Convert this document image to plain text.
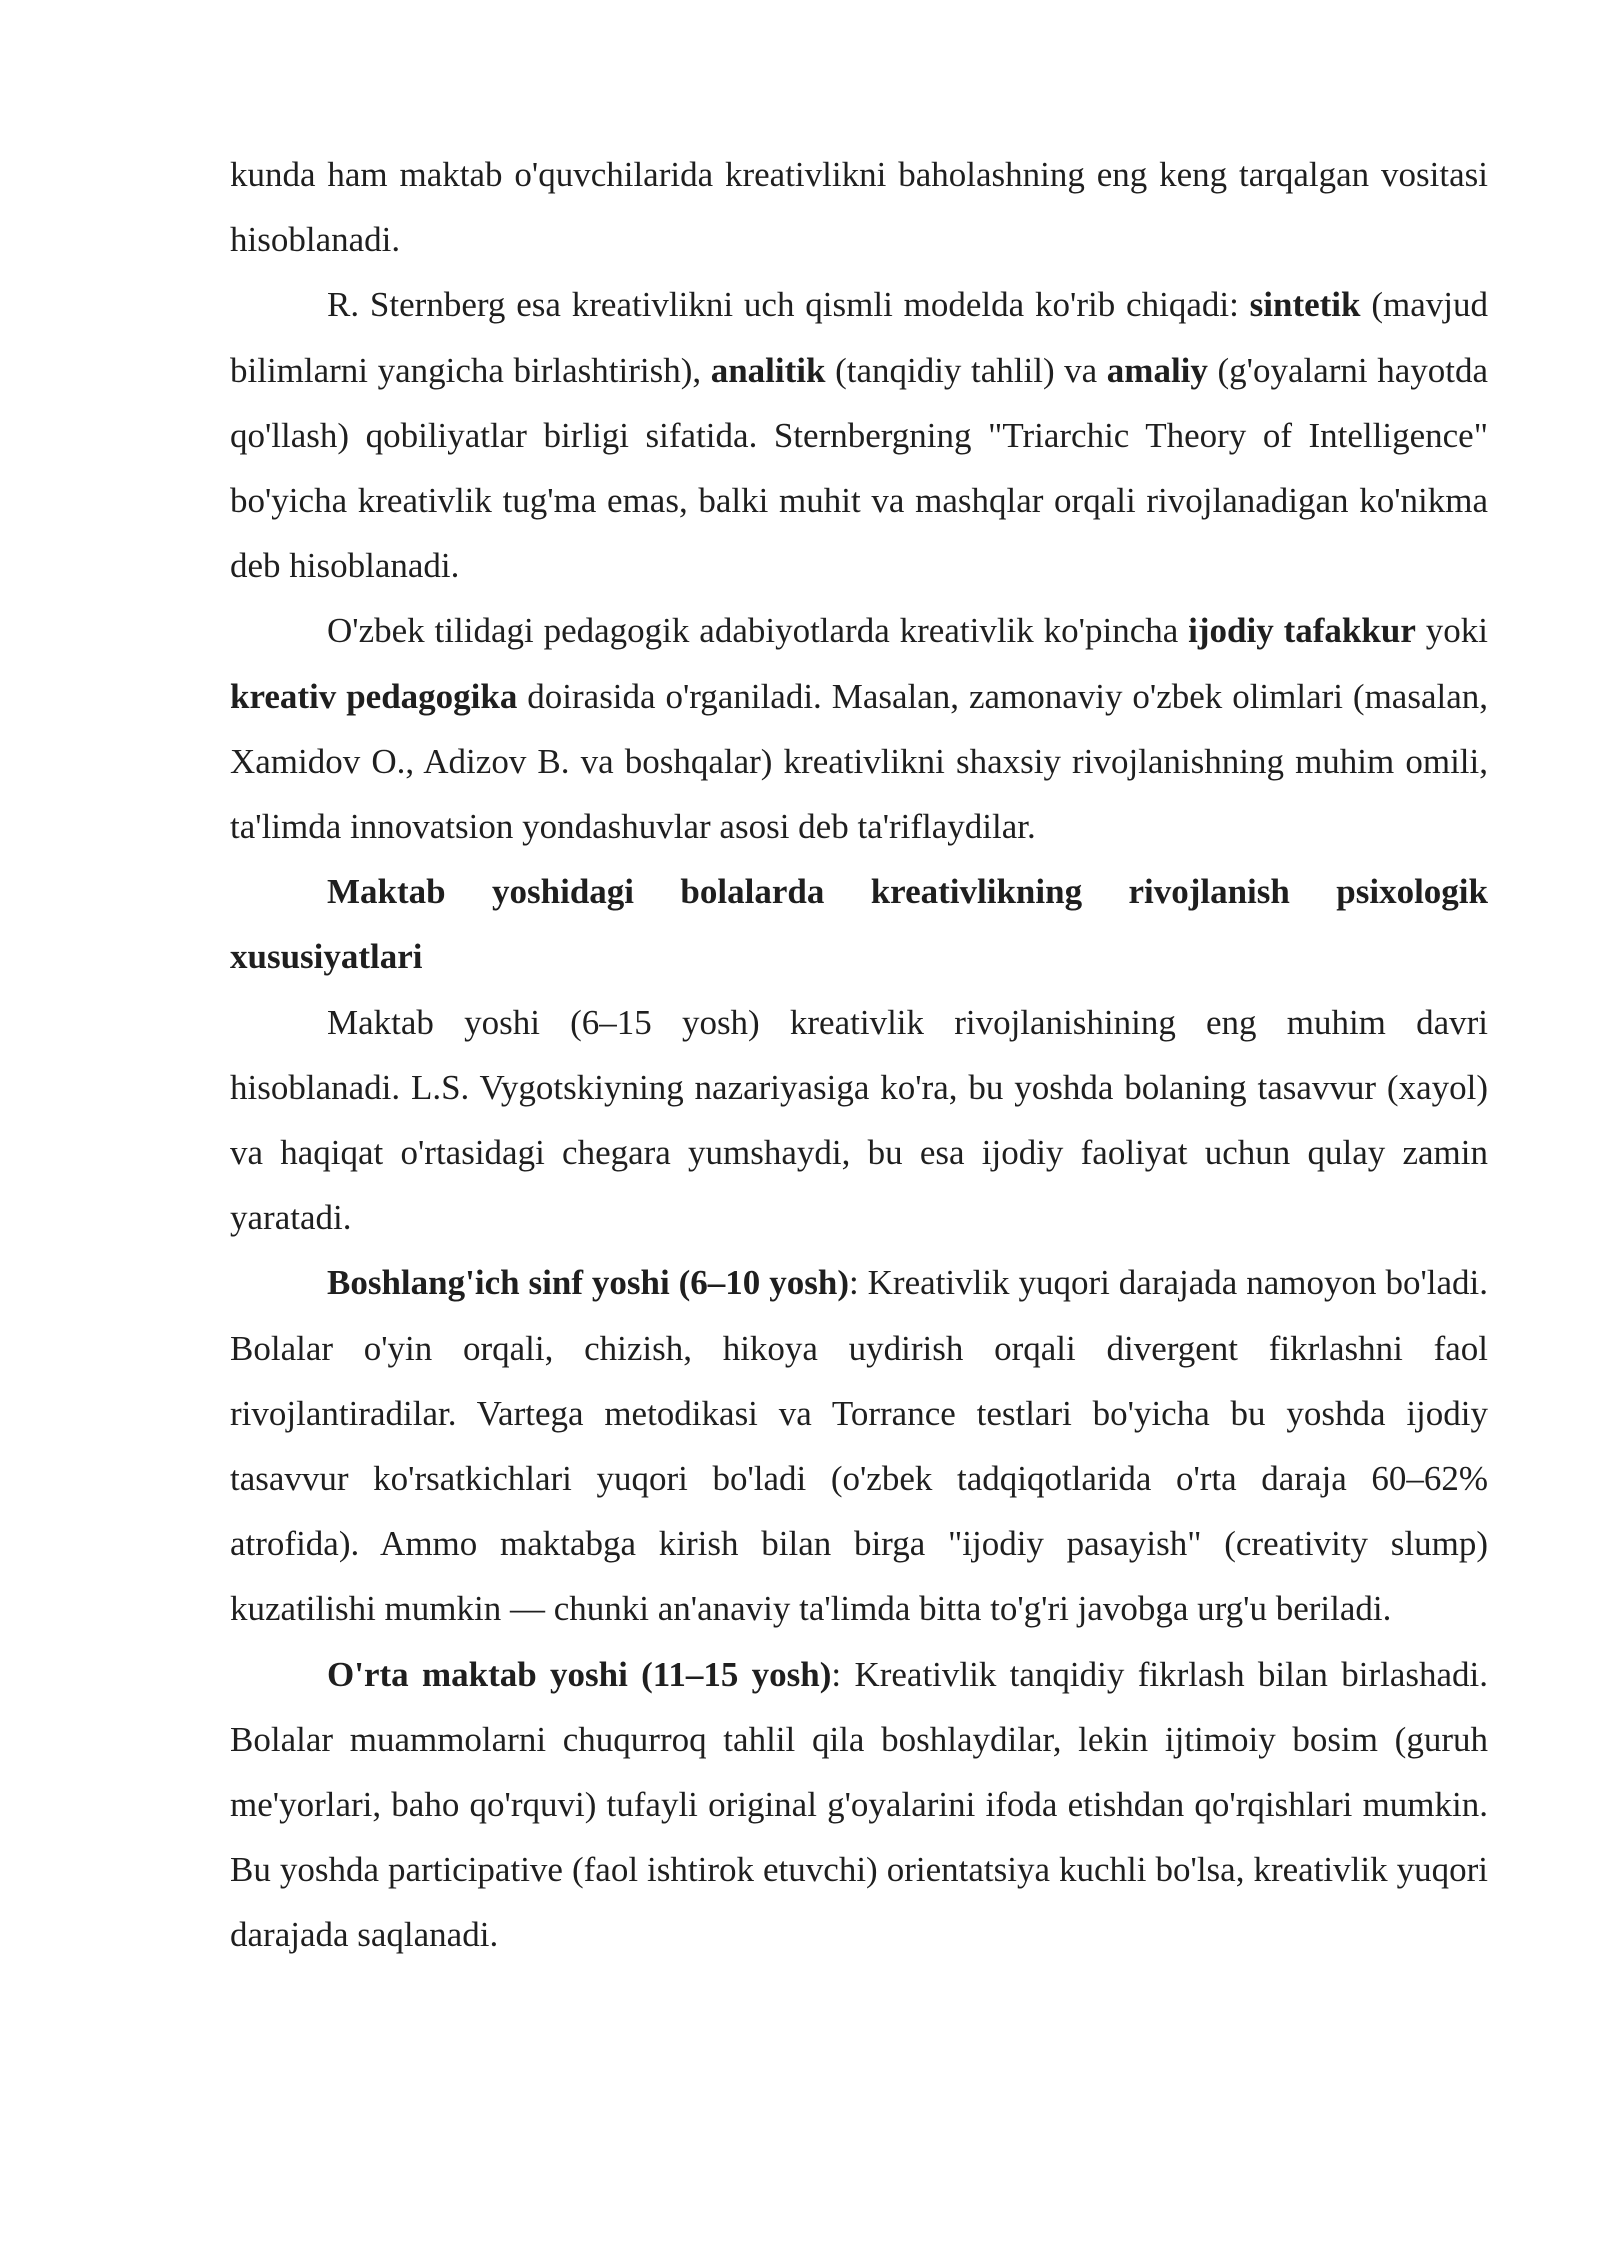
kunda ham maktab o'quvchilarida kreativlikni baholashning eng keng tarqalgan vositasi hisoblanadi.

R. Sternberg esa kreativlikni uch qismli modelda ko'rib chiqadi: sintetik (mavjud bilimlarni yangicha birlashtirish), analitik (tanqidiy tahlil) va amaliy (g'oyalarni hayotda qo'llash) qobiliyatlar birligi sifatida. Sternbergning "Triarchic Theory of Intelligence" bo'yicha kreativlik tug'ma emas, balki muhit va mashqlar orqali rivojlanadigan ko'nikma deb hisoblanadi.

O'zbek tilidagi pedagogik adabiyotlarda kreativlik ko'pincha ijodiy tafakkur yoki kreativ pedagogika doirasida o'rganiladi. Masalan, zamonaviy o'zbek olimlari (masalan, Xamidov O., Adizov B. va boshqalar) kreativlikni shaxsiy rivojlanishning muhim omili, ta'limda innovatsion yondashuvlar asosi deb ta'riflaydilar.

Maktab yoshidagi bolalarda kreativlikning rivojlanish psixologik xususiyatlari

Maktab yoshi (6–15 yosh) kreativlik rivojlanishining eng muhim davri hisoblanadi. L.S. Vygotskiyning nazariyasiga ko'ra, bu yoshda bolaning tasavvur (xayol) va haqiqat o'rtasidagi chegara yumshaydi, bu esa ijodiy faoliyat uchun qulay zamin yaratadi.

Boshlang'ich sinf yoshi (6–10 yosh): Kreativlik yuqori darajada namoyon bo'ladi. Bolalar o'yin orqali, chizish, hikoya uydirish orqali divergent fikrlashni faol rivojlantiradilar. Vartega metodikasi va Torrance testlari bo'yicha bu yoshda ijodiy tasavvur ko'rsatkichlari yuqori bo'ladi (o'zbek tadqiqotlarida o'rta daraja 60–62% atrofida). Ammo maktabga kirish bilan birga "ijodiy pasayish" (creativity slump) kuzatilishi mumkin — chunki an'anaviy ta'limda bitta to'g'ri javobga urg'u beriladi.

O'rta maktab yoshi (11–15 yosh): Kreativlik tanqidiy fikrlash bilan birlashadi. Bolalar muammolarni chuqurroq tahlil qila boshlaydilar, lekin ijtimoiy bosim (guruh me'yorlari, baho qo'rquvi) tufayli original g'oyalarini ifoda etishdan qo'rqishlari mumkin. Bu yoshda participative (faol ishtirok etuvchi) orientatsiya kuchli bo'lsa, kreativlik yuqori darajada saqlanadi.
